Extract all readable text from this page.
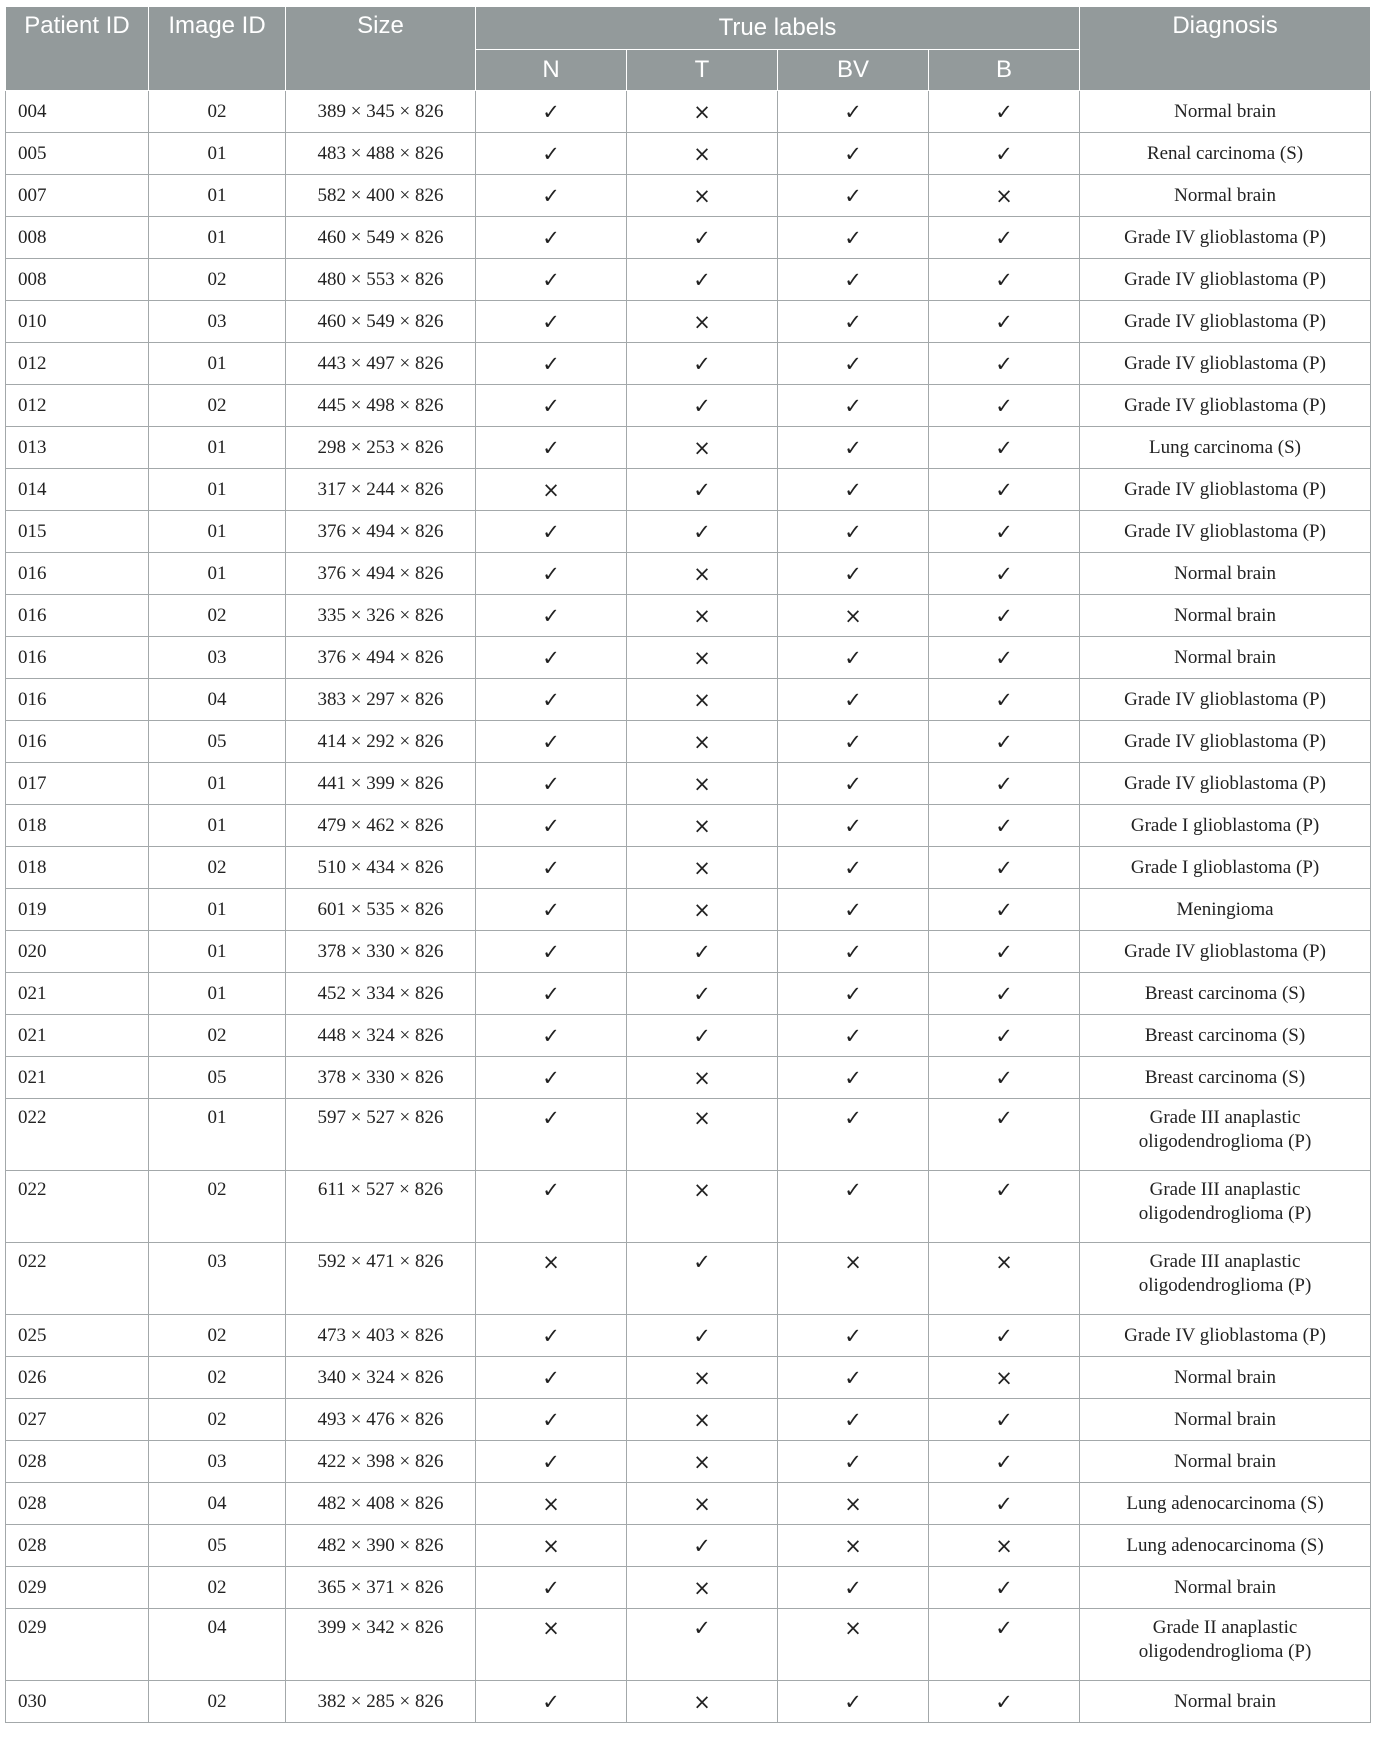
Patient ID	Image ID	Size	True labels				Diagnosis
			N	T	BV	B	
004	02	389 × 345 × 826	✓	×	✓	✓	Normal brain
005	01	483 × 488 × 826	✓	×	✓	✓	Renal carcinoma (S)
007	01	582 × 400 × 826	✓	×	✓	×	Normal brain
008	01	460 × 549 × 826	✓	✓	✓	✓	Grade IV glioblastoma (P)
008	02	480 × 553 × 826	✓	✓	✓	✓	Grade IV glioblastoma (P)
010	03	460 × 549 × 826	✓	×	✓	✓	Grade IV glioblastoma (P)
012	01	443 × 497 × 826	✓	✓	✓	✓	Grade IV glioblastoma (P)
012	02	445 × 498 × 826	✓	✓	✓	✓	Grade IV glioblastoma (P)
013	01	298 × 253 × 826	✓	×	✓	✓	Lung carcinoma (S)
014	01	317 × 244 × 826	×	✓	✓	✓	Grade IV glioblastoma (P)
015	01	376 × 494 × 826	✓	✓	✓	✓	Grade IV glioblastoma (P)
016	01	376 × 494 × 826	✓	×	✓	✓	Normal brain
016	02	335 × 326 × 826	✓	×	×	✓	Normal brain
016	03	376 × 494 × 826	✓	×	✓	✓	Normal brain
016	04	383 × 297 × 826	✓	×	✓	✓	Grade IV glioblastoma (P)
016	05	414 × 292 × 826	✓	×	✓	✓	Grade IV glioblastoma (P)
017	01	441 × 399 × 826	✓	×	✓	✓	Grade IV glioblastoma (P)
018	01	479 × 462 × 826	✓	×	✓	✓	Grade I glioblastoma (P)
018	02	510 × 434 × 826	✓	×	✓	✓	Grade I glioblastoma (P)
019	01	601 × 535 × 826	✓	×	✓	✓	Meningioma
020	01	378 × 330 × 826	✓	✓	✓	✓	Grade IV glioblastoma (P)
021	01	452 × 334 × 826	✓	✓	✓	✓	Breast carcinoma (S)
021	02	448 × 324 × 826	✓	✓	✓	✓	Breast carcinoma (S)
021	05	378 × 330 × 826	✓	×	✓	✓	Breast carcinoma (S)
022	01	597 × 527 × 826	✓	×	✓	✓	Grade III anaplastic
oligodendroglioma (P)
022	02	611 × 527 × 826	✓	×	✓	✓	Grade III anaplastic
oligodendroglioma (P)
022	03	592 × 471 × 826	×	✓	×	×	Grade III anaplastic
oligodendroglioma (P)
025	02	473 × 403 × 826	✓	✓	✓	✓	Grade IV glioblastoma (P)
026	02	340 × 324 × 826	✓	×	✓	×	Normal brain
027	02	493 × 476 × 826	✓	×	✓	✓	Normal brain
028	03	422 × 398 × 826	✓	×	✓	✓	Normal brain
028	04	482 × 408 × 826	×	×	×	✓	Lung adenocarcinoma (S)
028	05	482 × 390 × 826	×	✓	×	×	Lung adenocarcinoma (S)
029	02	365 × 371 × 826	✓	×	✓	✓	Normal brain
029	04	399 × 342 × 826	×	✓	×	✓	Grade II anaplastic
oligodendroglioma (P)
030	02	382 × 285 × 826	✓	×	✓	✓	Normal brain
